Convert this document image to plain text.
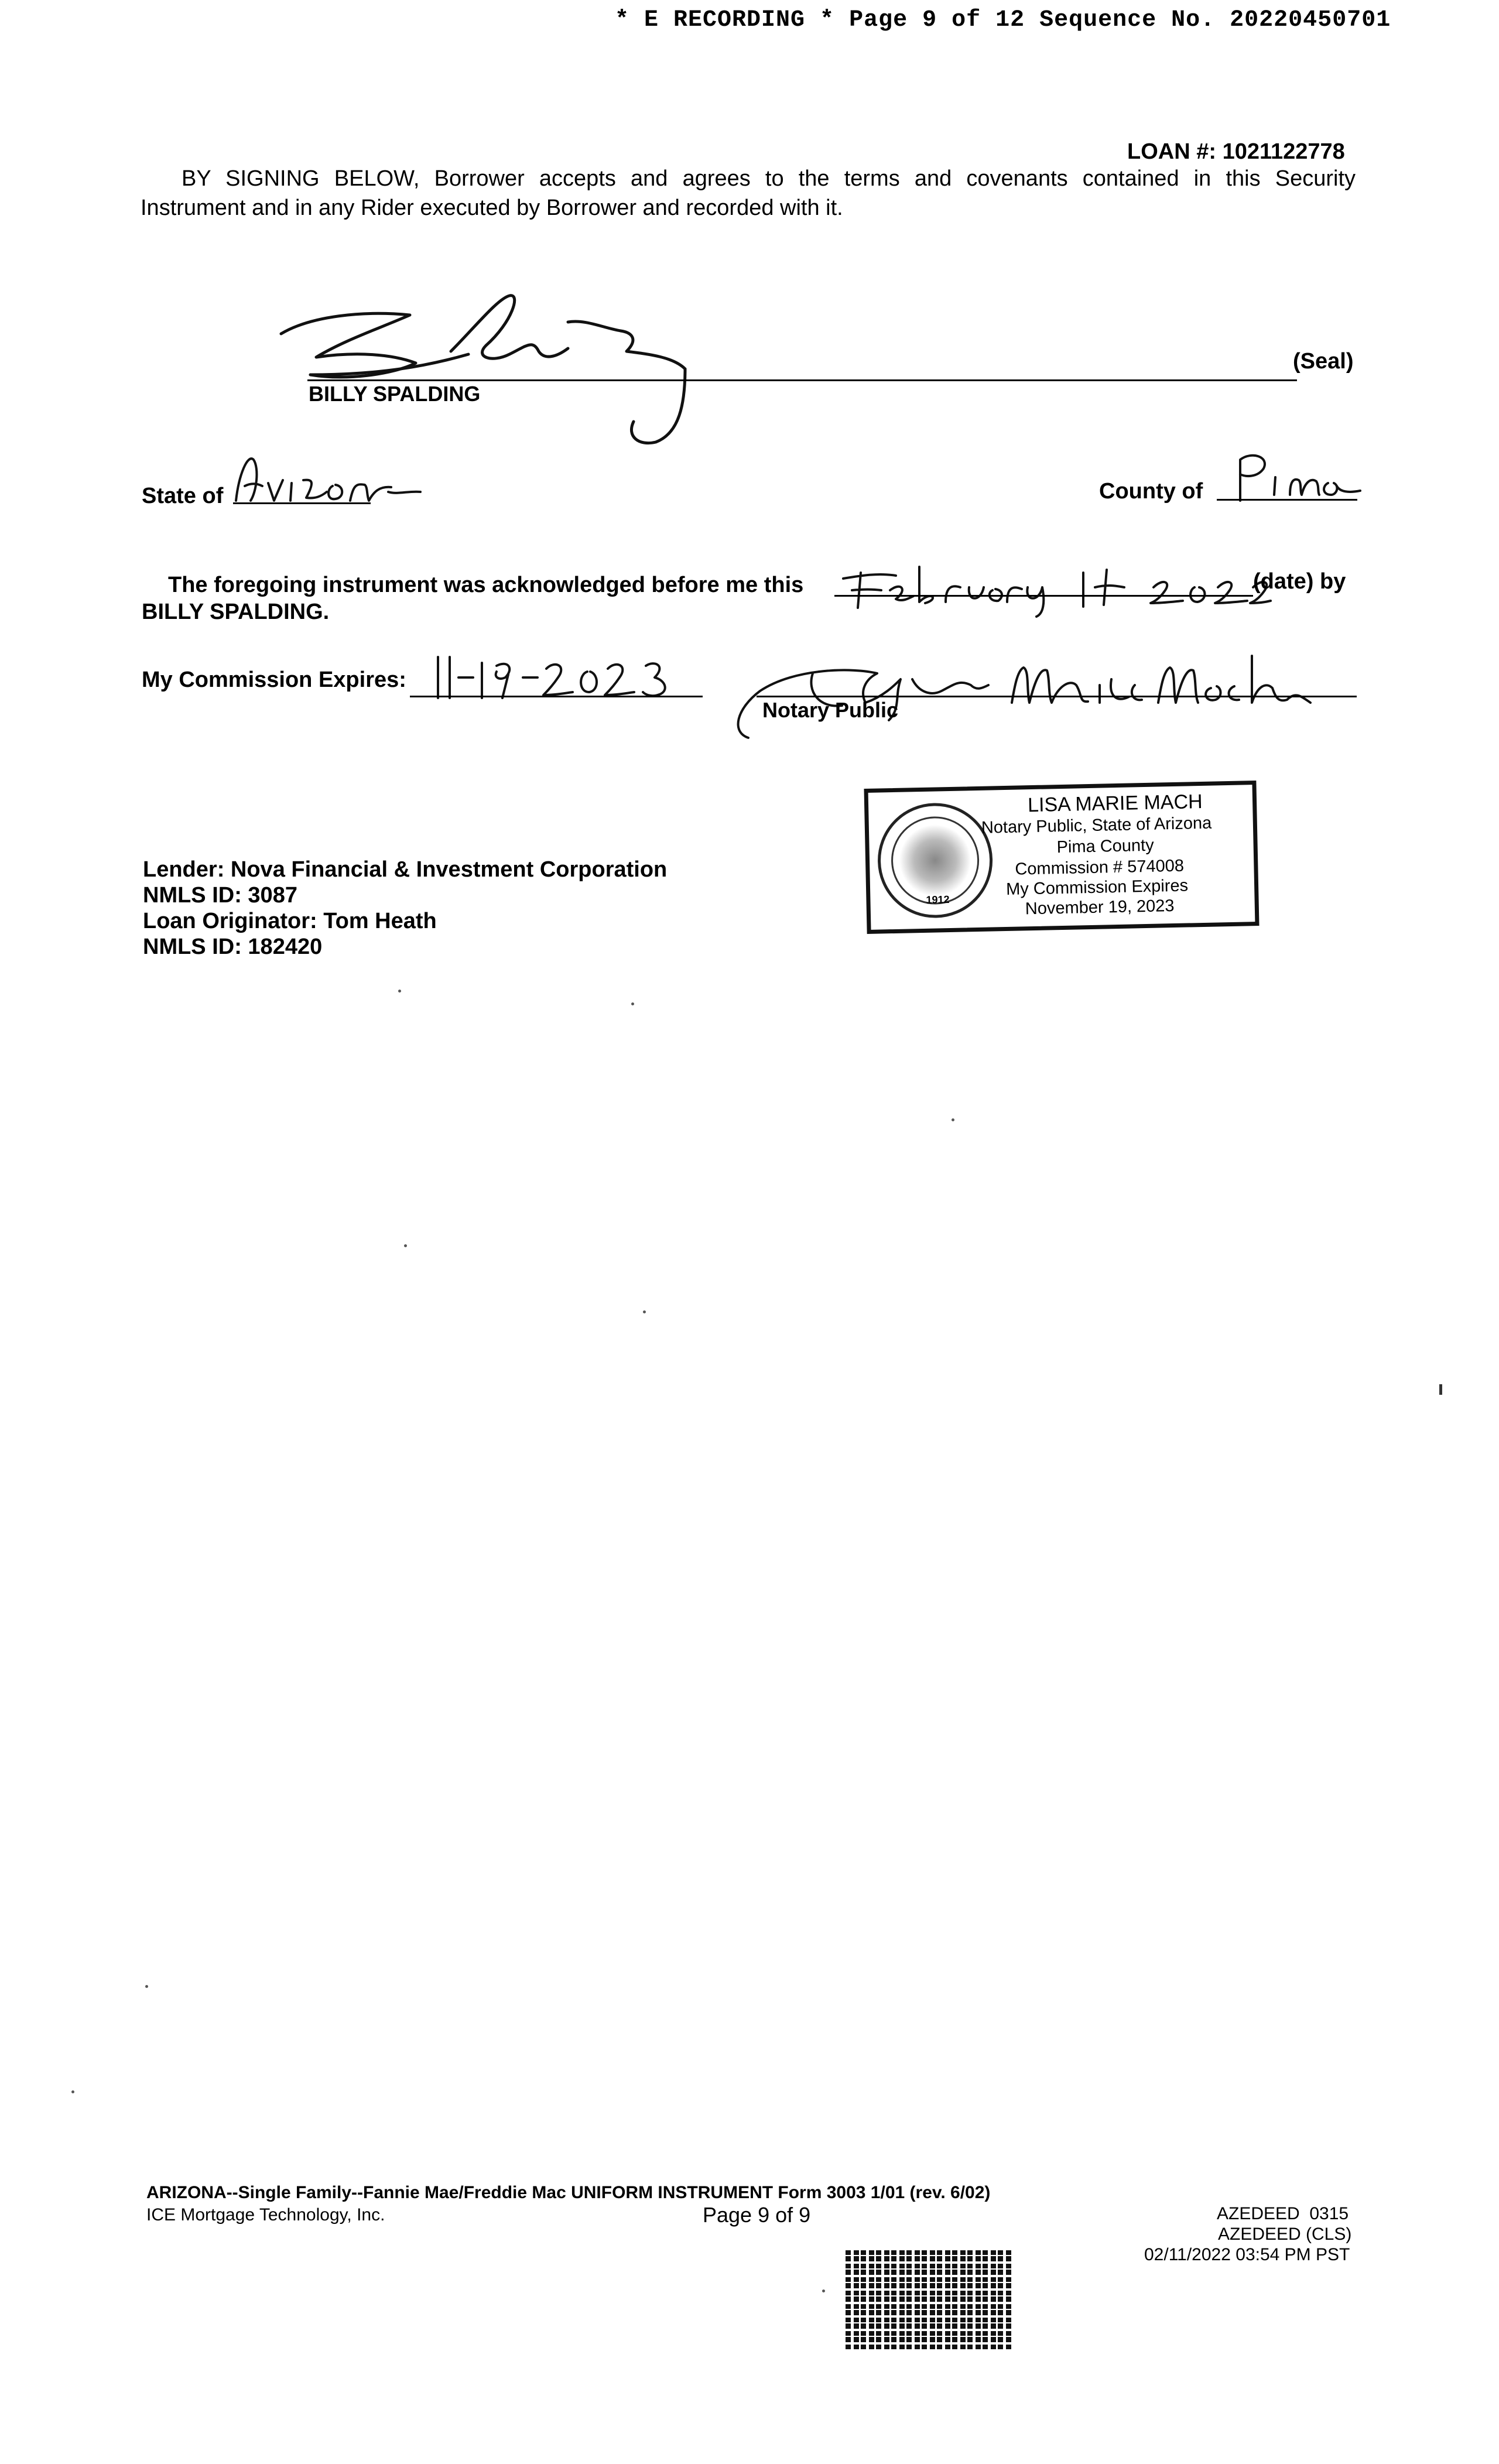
* E RECORDING * Page 9 of 12 Sequence No. 20220450701
LOAN #: 1021122778
BY SIGNING BELOW, Borrower accepts and agrees to the terms and covenants contained in this Security
Instrument and in any Rider executed by Borrower and recorded with it.
(Seal)
BILLY SPALDING
State of	County of
The foregoing instrument was acknowledged before me this	(date) by
BILLY SPALDING.
My Commission Expires:
Notary Public
1912
LISA MARIE MACH
Notary Public, State of Arizona
Pima County
Commission # 574008
My Commission Expires
November 19, 2023
Lender: Nova Financial & Investment Corporation
NMLS ID: 3087
Loan Originator: Tom Heath
NMLS ID: 182420
ARIZONA--Single Family--Fannie Mae/Freddie Mac UNIFORM INSTRUMENT Form 3003 1/01 (rev. 6/02)
ICE Mortgage Technology, Inc.	Page 9 of 9	AZEDEED  0315
AZEDEED (CLS)
02/11/2022 03:54 PM PST
